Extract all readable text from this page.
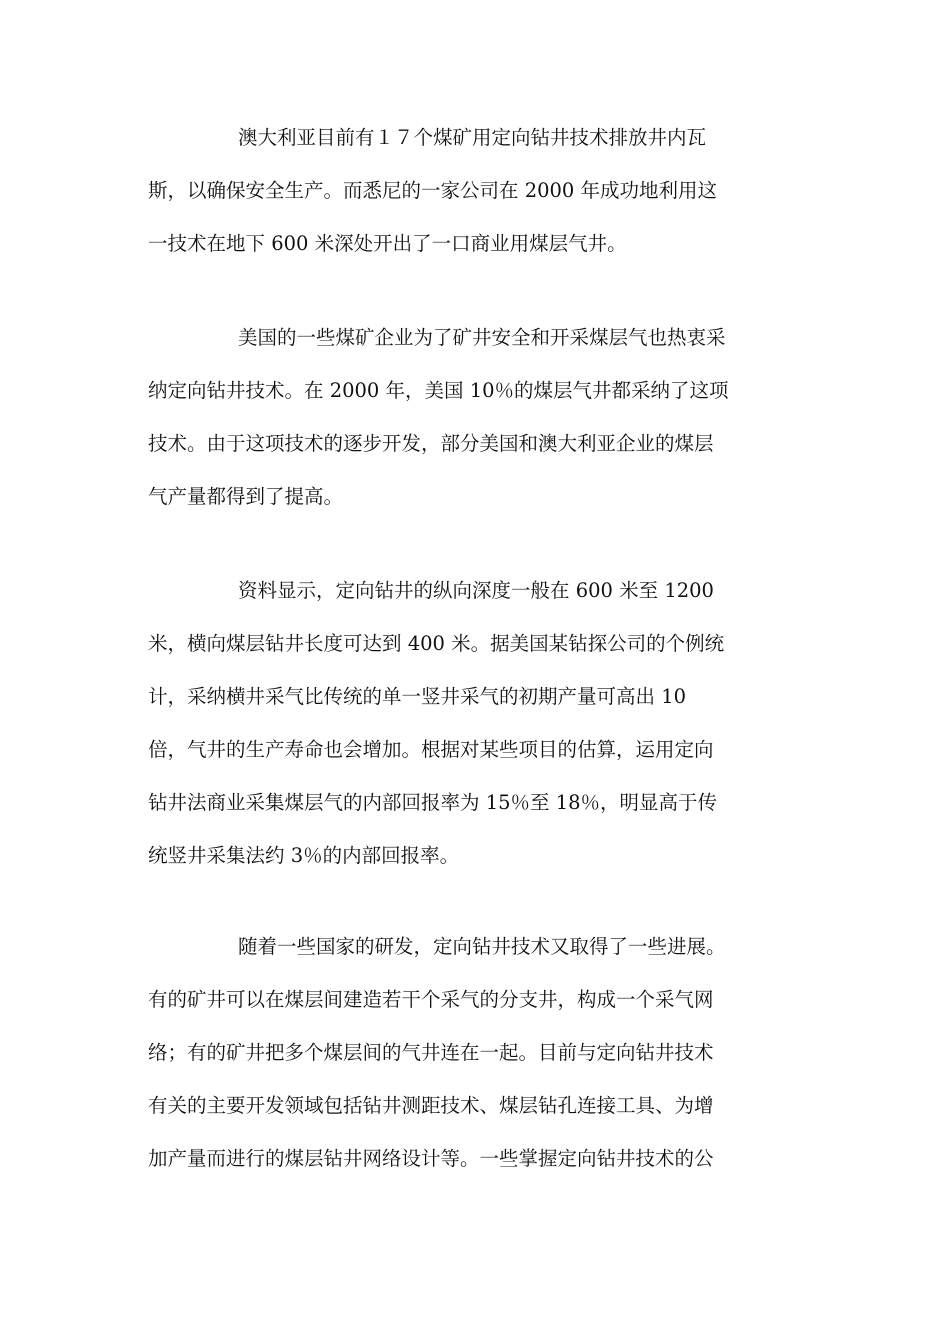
澳大利亚目前有１７个煤矿用定向钻井技术排放井内瓦
斯，以确保安全生产。而悉尼的一家公司在 2000 年成功地利用这
一技术在地下 600 米深处开出了一口商业用煤层气井。
美国的一些煤矿企业为了矿井安全和开采煤层气也热衷采
纳定向钻井技术。在 2000 年，美国 10％的煤层气井都采纳了这项
技术。由于这项技术的逐步开发，部分美国和澳大利亚企业的煤层
气产量都得到了提高。
资料显示，定向钻井的纵向深度一般在 600 米至 1200
米，横向煤层钻井长度可达到 400 米。据美国某钻探公司的个例统
计，采纳横井采气比传统的单一竖井采气的初期产量可高出 10
倍，气井的生产寿命也会增加。根据对某些项目的估算，运用定向
钻井法商业采集煤层气的内部回报率为 15％至 18％，明显高于传
统竖井采集法约 3％的内部回报率。
随着一些国家的研发，定向钻井技术又取得了一些进展。
有的矿井可以在煤层间建造若干个采气的分支井，构成一个采气网
络；有的矿井把多个煤层间的气井连在一起。目前与定向钻井技术
有关的主要开发领域包括钻井测距技术、煤层钻孔连接工具、为增
加产量而进行的煤层钻井网络设计等。一些掌握定向钻井技术的公
